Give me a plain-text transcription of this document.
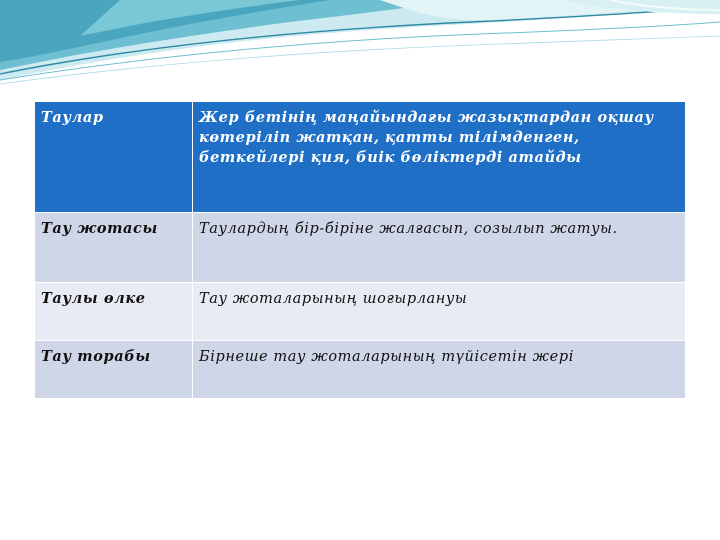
Таулар	Жер бетінің маңайындағы жазықтардан оқшау көтеріліп жатқан, қатты тілімденген, беткейлері қия, биік бөліктерді атайды
Тау жотасы	Таулардың бір-біріне жалғасып, созылып жатуы.
Таулы өлке	Тау жоталарының шоғырлануы
Тау торабы	Бірнеше тау жоталарының түйісетін жері
